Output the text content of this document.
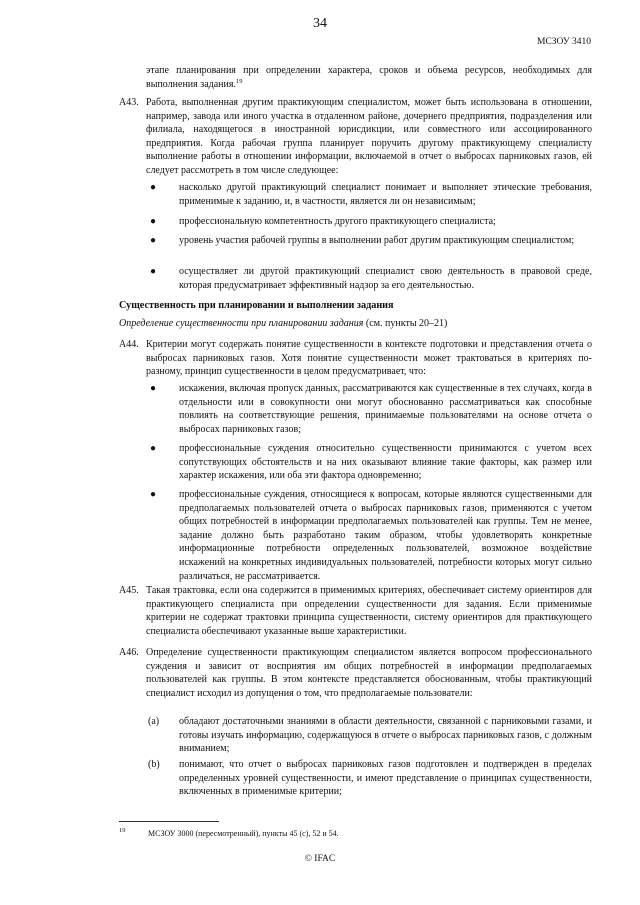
34
МСЗОУ 3410
этапе планирования при определении характера, сроков и объема ресурсов, необходимых для выполнения задания.$^{19}$
А43. Работа, выполненная другим практикующим специалистом, может быть использована в отношении, например, завода или иного участка в отдаленном районе, дочернего предприятия, подразделения или филиала, находящегося в иностранной юрисдикции, или совместного или ассоциированного предприятия. Когда рабочая группа планирует поручить другому практикующему специалисту выполнение работы в отношении информации, включаемой в отчет о выбросах парниковых газов, ей следует рассмотреть в том числе следующее:
● насколько другой практикующий специалист понимает и выполняет этические требования, применимые к заданию, и, в частности, является ли он независимым;
● профессиональную компетентность другого практикующего специалиста;
● уровень участия рабочей группы в выполнении работ другим практикующим специалистом;
● осуществляет ли другой практикующий специалист свою деятельность в правовой среде, которая предусматривает эффективный надзор за его деятельностью.
Существенность при планировании и выполнении задания
Определение существенности при планировании задания (см. пункты 20–21)
А44. Критерии могут содержать понятие существенности в контексте подготовки и представления отчета о выбросах парниковых газов. Хотя понятие существенности может трактоваться в критериях по-разному, принцип существенности в целом предусматривает, что:
● искажения, включая пропуск данных, рассматриваются как существенные в тех случаях, когда в отдельности или в совокупности они могут обоснованно рассматриваться как способные повлиять на соответствующие решения, принимаемые пользователями на основе отчета о выбросах парниковых газов;
● профессиональные суждения относительно существенности принимаются с учетом всех сопутствующих обстоятельств и на них оказывают влияние такие факторы, как размер или характер искажения, или оба эти фактора одновременно;
● профессиональные суждения, относящиеся к вопросам, которые являются существенными для предполагаемых пользователей отчета о выбросах парниковых газов, применяются с учетом общих потребностей в информации предполагаемых пользователей как группы. Тем не менее, задание должно быть разработано таким образом, чтобы удовлетворять конкретные информационные потребности определенных пользователей, возможное воздействие искажений на конкретных индивидуальных пользователей, потребности которых могут сильно различаться, не рассматривается.
А45. Такая трактовка, если она содержится в применимых критериях, обеспечивает систему ориентиров для практикующего специалиста при определении существенности для задания. Если применимые критерии не содержат трактовки принципа существенности, систему ориентиров для практикующего специалиста обеспечивают указанные выше характеристики.
А46. Определение существенности практикующим специалистом является вопросом профессионального суждения и зависит от восприятия им общих потребностей в информации предполагаемых пользователей как группы. В этом контексте представляется обоснованным, чтобы практикующий специалист исходил из допущения о том, что предполагаемые пользователи:
(а)	обладают достаточными знаниями в области деятельности, связанной с парниковыми газами, и готовы изучать информацию, содержащуюся в отчете о выбросах парниковых газов, с должным вниманием;
(b)	понимают, что отчет о выбросах парниковых газов подготовлен и подтвержден в пределах определенных уровней существенности, и имеют представление о принципах существенности, включенных в применимые критерии;
19	МСЗОУ 3000 (пересмотренный), пункты 45 (с), 52 и 54.
© IFAC
